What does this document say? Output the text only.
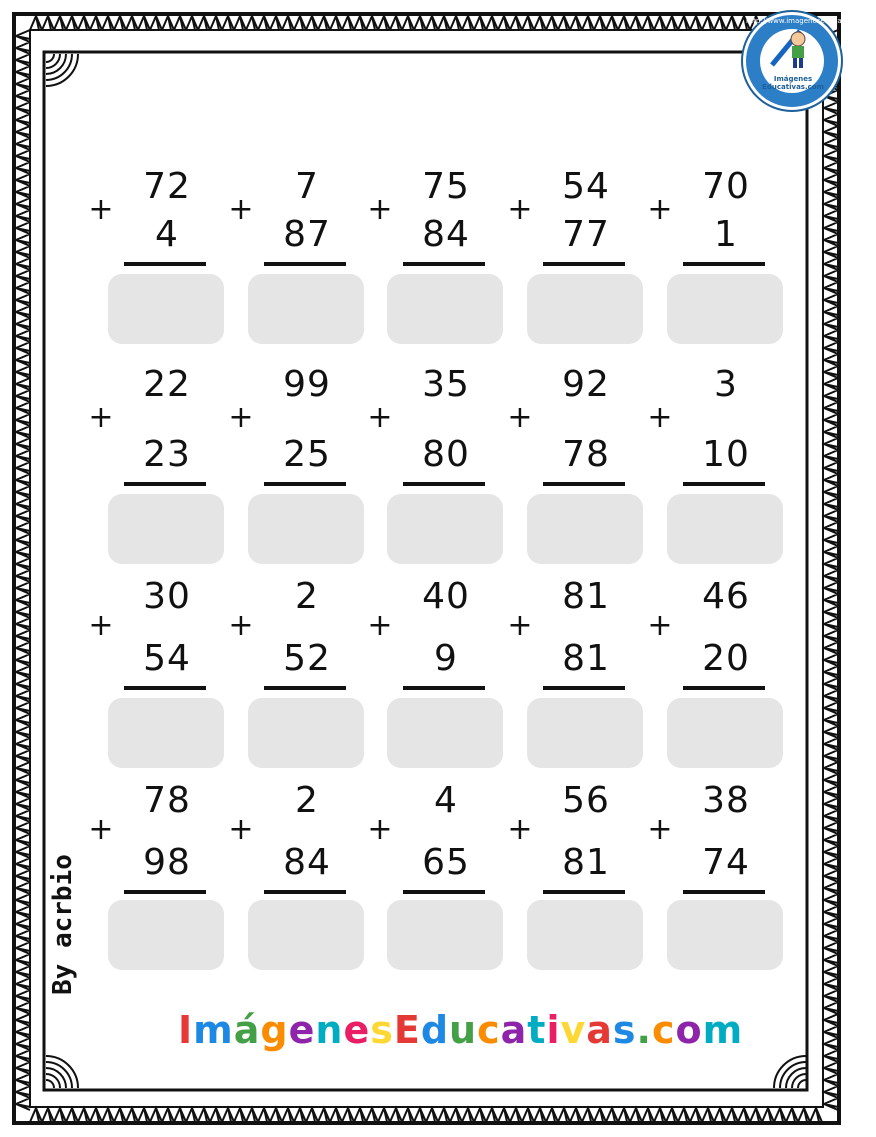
http://www.imageneseducativas.com
Imágenes Educativas.com
+
72
4
+
7
87
+
75
84
+
54
77
+
70
1
+
22
23
+
99
25
+
35
80
+
92
78
+
3
10
+
30
54
+
2
52
+
40
9
+
81
81
+
46
20
+
78
98
+
2
84
+
4
65
+
56
81
+
38
74
By acrbio
ImágenesEducativas.com
